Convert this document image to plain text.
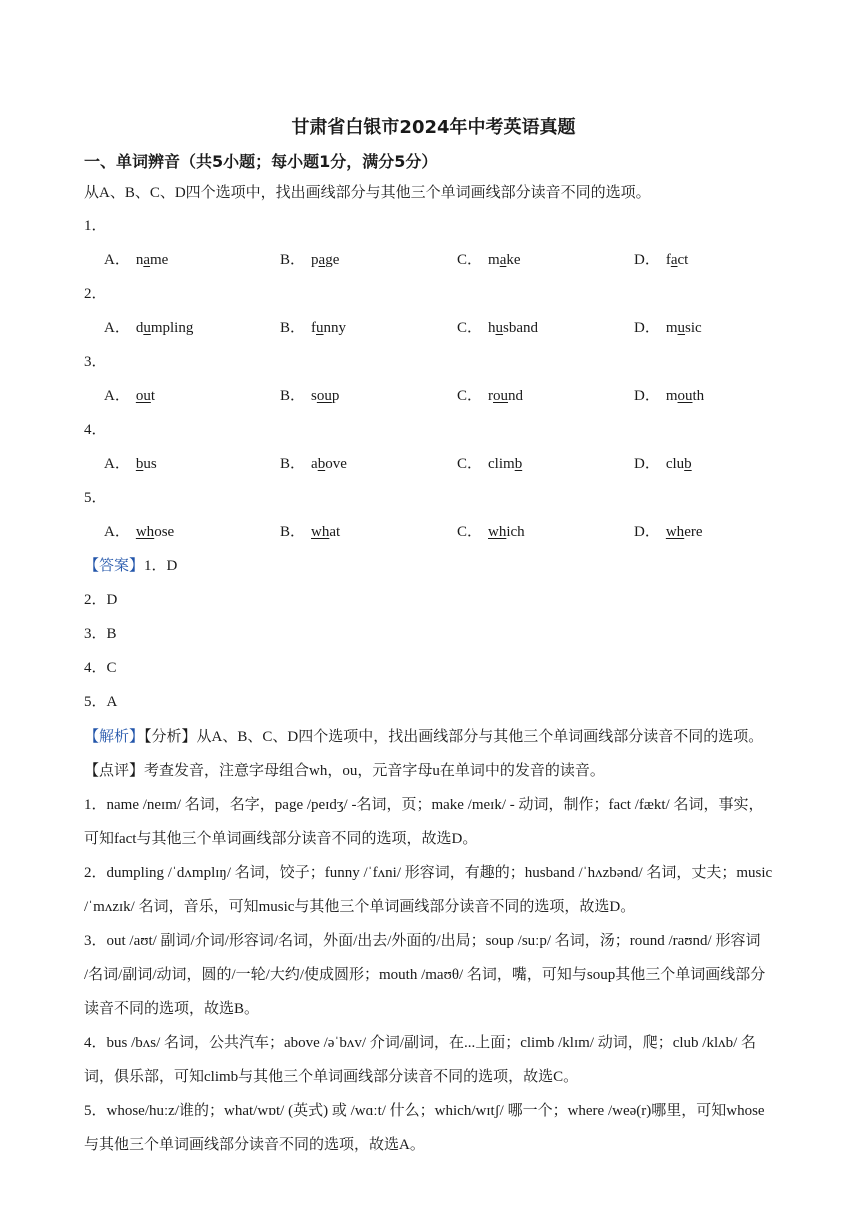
甘肃省白银市2024年中考英语真题
一、单词辨音（共5小题；每小题1分，满分5分）
从A、B、C、D四个选项中，找出画线部分与其他三个单词画线部分读音不同的选项。
1．
A． name	B． page	C． make	D． fact
2．
A． dumpling	B． funny	C． husband	D． music
3．
A． out	B． soup	C． round	D． mouth
4．
A． bus	B． above	C． climb	D． club
5．
A． whose	B． what	C． which	D． where
【答案】1．D
2．D
3．B
4．C
5．A
【解析】【分析】从A、B、C、D四个选项中，找出画线部分与其他三个单词画线部分读音不同的选项。
【点评】考查发音，注意字母组合wh，ou，元音字母u在单词中的发音的读音。
1．name /neɪm/ 名词，名字，page /peɪdʒ/ -名词，页；make /meɪk/ - 动词，制作；fact /fækt/ 名词，事实，
可知fact与其他三个单词画线部分读音不同的选项，故选D。
2．dumpling /ˈdʌmplɪŋ/ 名词，饺子；funny /ˈfʌni/ 形容词，有趣的；husband /ˈhʌzbənd/ 名词，丈夫；music
/ˈmʌzɪk/ 名词，音乐，可知music与其他三个单词画线部分读音不同的选项，故选D。
3．out /aʊt/ 副词/介词/形容词/名词，外面/出去/外面的/出局；soup /suːp/ 名词，汤；round /raʊnd/ 形容词
/名词/副词/动词，圆的/一轮/大约/使成圆形；mouth /maʊθ/ 名词，嘴，可知与soup其他三个单词画线部分
读音不同的选项，故选B。
4．bus /bʌs/ 名词，公共汽车；above /əˈbʌv/ 介词/副词，在...上面；climb /klɪm/ 动词，爬；club /klʌb/ 名
词，俱乐部，可知climb与其他三个单词画线部分读音不同的选项，故选C。
5．whose/huːz/谁的；what/wɒt/ (英式) 或 /wɑːt/ 什么；which/wɪtʃ/ 哪一个；where /weə(r)哪里，可知whose
与其他三个单词画线部分读音不同的选项，故选A。
